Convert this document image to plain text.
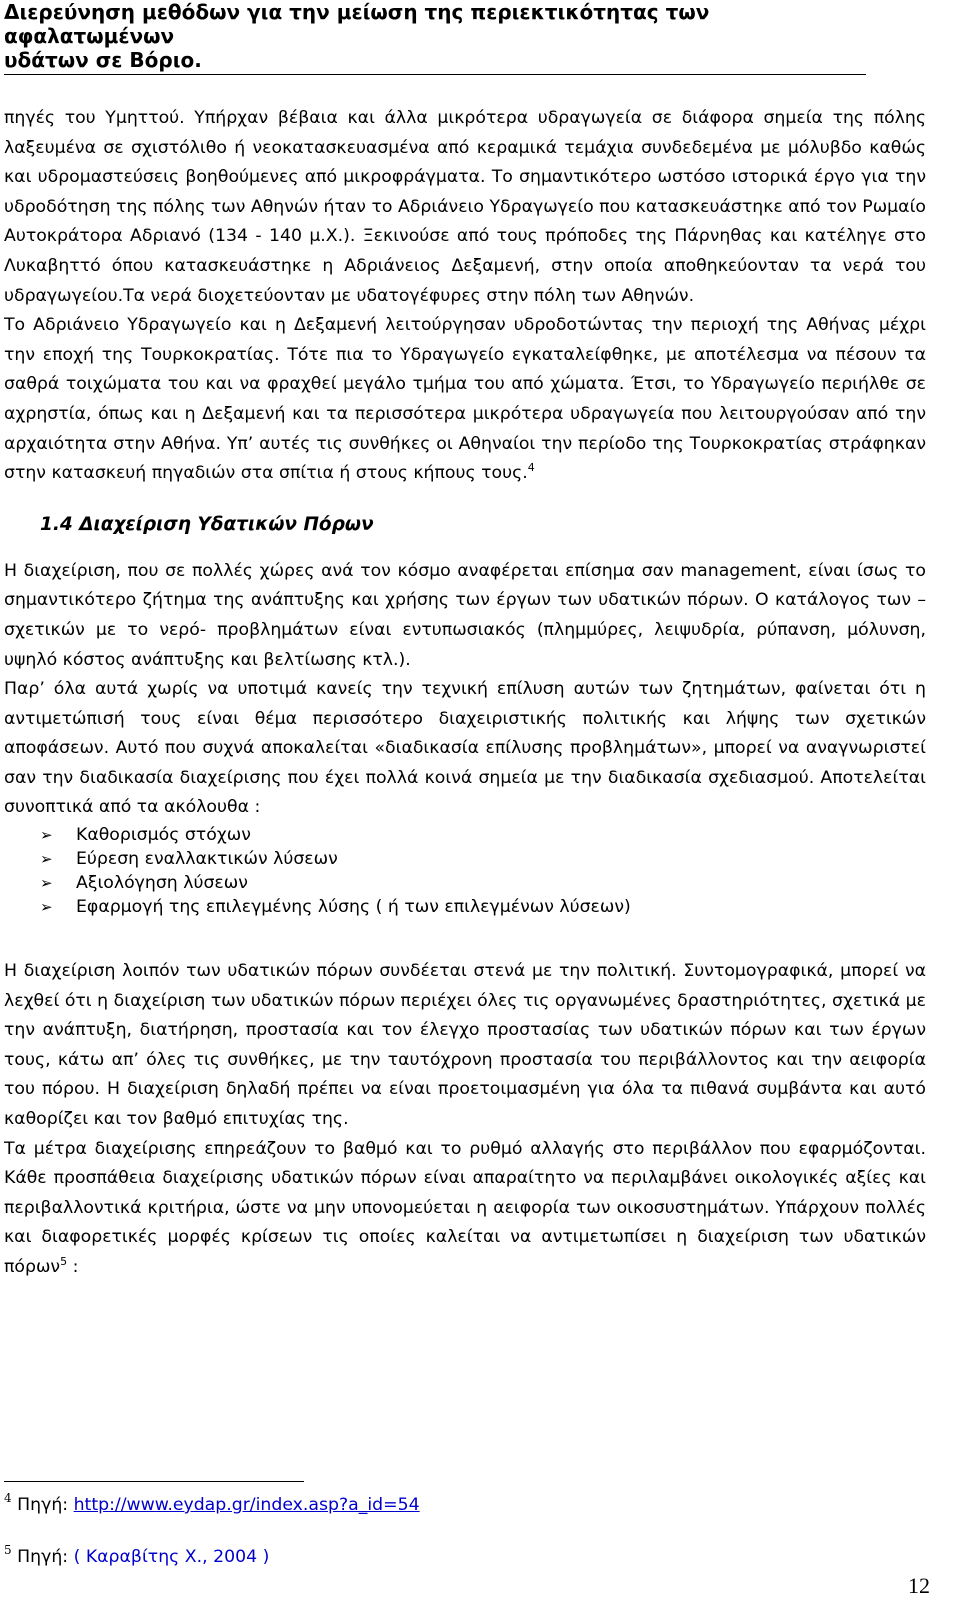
Διερεύνηση μεθόδων για την μείωση της περιεκτικότητας των αφαλατωμένων
υδάτων σε Βόριο.

πηγές του Υμηττού. Υπήρχαν βέβαια και άλλα μικρότερα υδραγωγεία σε διάφορα σημεία της πόλης λαξευμένα σε σχιστόλιθο ή νεοκατασκευασμένα από κεραμικά τεμάχια συνδεδεμένα με μόλυβδο καθώς και υδρομαστεύσεις βοηθούμενες από μικροφράγματα. Το σημαντικότερο ωστόσο ιστορικά έργο για την υδροδότηση της πόλης των Αθηνών ήταν το Αδριάνειο Υδραγωγείο που κατασκευάστηκε από τον Ρωμαίο Αυτοκράτορα Αδριανό (134 - 140 μ.Χ.). Ξεκινούσε από τους πρόποδες της Πάρνηθας και κατέληγε στο Λυκαβηττό όπου κατασκευάστηκε η Αδριάνειος Δεξαμενή, στην οποία αποθηκεύονταν τα νερά του υδραγωγείου.Τα νερά διοχετεύονταν με υδατογέφυρες στην πόλη των Αθηνών.

Το Αδριάνειο Υδραγωγείο και η Δεξαμενή λειτούργησαν υδροδοτώντας την περιοχή της Αθήνας μέχρι την εποχή της Τουρκοκρατίας. Τότε πια το Υδραγωγείο εγκαταλείφθηκε, με αποτέλεσμα να πέσουν τα σαθρά τοιχώματα του και να φραχθεί μεγάλο τμήμα του από χώματα. Έτσι, το Υδραγωγείο περιήλθε σε αχρηστία, όπως και η Δεξαμενή και τα περισσότερα μικρότερα υδραγωγεία που λειτουργούσαν από την αρχαιότητα στην Αθήνα. Υπ’ αυτές τις συνθήκες οι Αθηναίοι την περίοδο της Τουρκοκρατίας στράφηκαν στην κατασκευή πηγαδιών στα σπίτια ή στους κήπους τους.$^4$

1.4 Διαχείριση Υδατικών Πόρων

Η διαχείριση, που σε πολλές χώρες ανά τον κόσμο αναφέρεται επίσημα σαν management, είναι ίσως το σημαντικότερο ζήτημα της ανάπτυξης και χρήσης των έργων των υδατικών πόρων. Ο κατάλογος των – σχετικών με το νερό- προβλημάτων είναι εντυπωσιακός (πλημμύρες, λειψυδρία, ρύπανση, μόλυνση, υψηλό κόστος ανάπτυξης και βελτίωσης κτλ.).

Παρ’ όλα αυτά χωρίς να υποτιμά κανείς την τεχνική επίλυση αυτών των ζητημάτων, φαίνεται ότι η αντιμετώπισή τους είναι θέμα περισσότερο διαχειριστικής πολιτικής και λήψης των σχετικών αποφάσεων. Αυτό που συχνά αποκαλείται «διαδικασία επίλυσης προβλημάτων», μπορεί να αναγνωριστεί σαν την διαδικασία διαχείρισης που έχει πολλά κοινά σημεία με την διαδικασία σχεδιασμού. Αποτελείται συνοπτικά από τα ακόλουθα :

➢ Καθορισμός στόχων
➢ Εύρεση εναλλακτικών λύσεων
➢ Αξιολόγηση λύσεων
➢ Εφαρμογή της επιλεγμένης λύσης ( ή των επιλεγμένων λύσεων)

Η διαχείριση λοιπόν των υδατικών πόρων συνδέεται στενά με την πολιτική. Συντομογραφικά, μπορεί να λεχθεί ότι η διαχείριση των υδατικών πόρων περιέχει όλες τις οργανωμένες δραστηριότητες, σχετικά με την ανάπτυξη, διατήρηση, προστασία και τον έλεγχο προστασίας των υδατικών πόρων και των έργων τους, κάτω απ’ όλες τις συνθήκες, με την ταυτόχρονη προστασία του περιβάλλοντος και την αειφορία του πόρου. Η διαχείριση δηλαδή πρέπει να είναι προετοιμασμένη για όλα τα πιθανά συμβάντα και αυτό καθορίζει και τον βαθμό επιτυχίας της.

Τα μέτρα διαχείρισης επηρεάζουν το βαθμό και το ρυθμό αλλαγής στο περιβάλλον που εφαρμόζονται. Κάθε προσπάθεια διαχείρισης υδατικών πόρων είναι απαραίτητο να περιλαμβάνει οικολογικές αξίες και περιβαλλοντικά κριτήρια, ώστε να μην υπονομεύεται η αειφορία των οικοσυστημάτων. Υπάρχουν πολλές και διαφορετικές μορφές κρίσεων τις οποίες καλείται να αντιμετωπίσει η διαχείριση των υδατικών πόρων$^5$ :

$^4$ Πηγή: http://www.eydap.gr/index.asp?a_id=54
$^5$ Πηγή: ( Καραβίτης Χ., 2004 )
12
